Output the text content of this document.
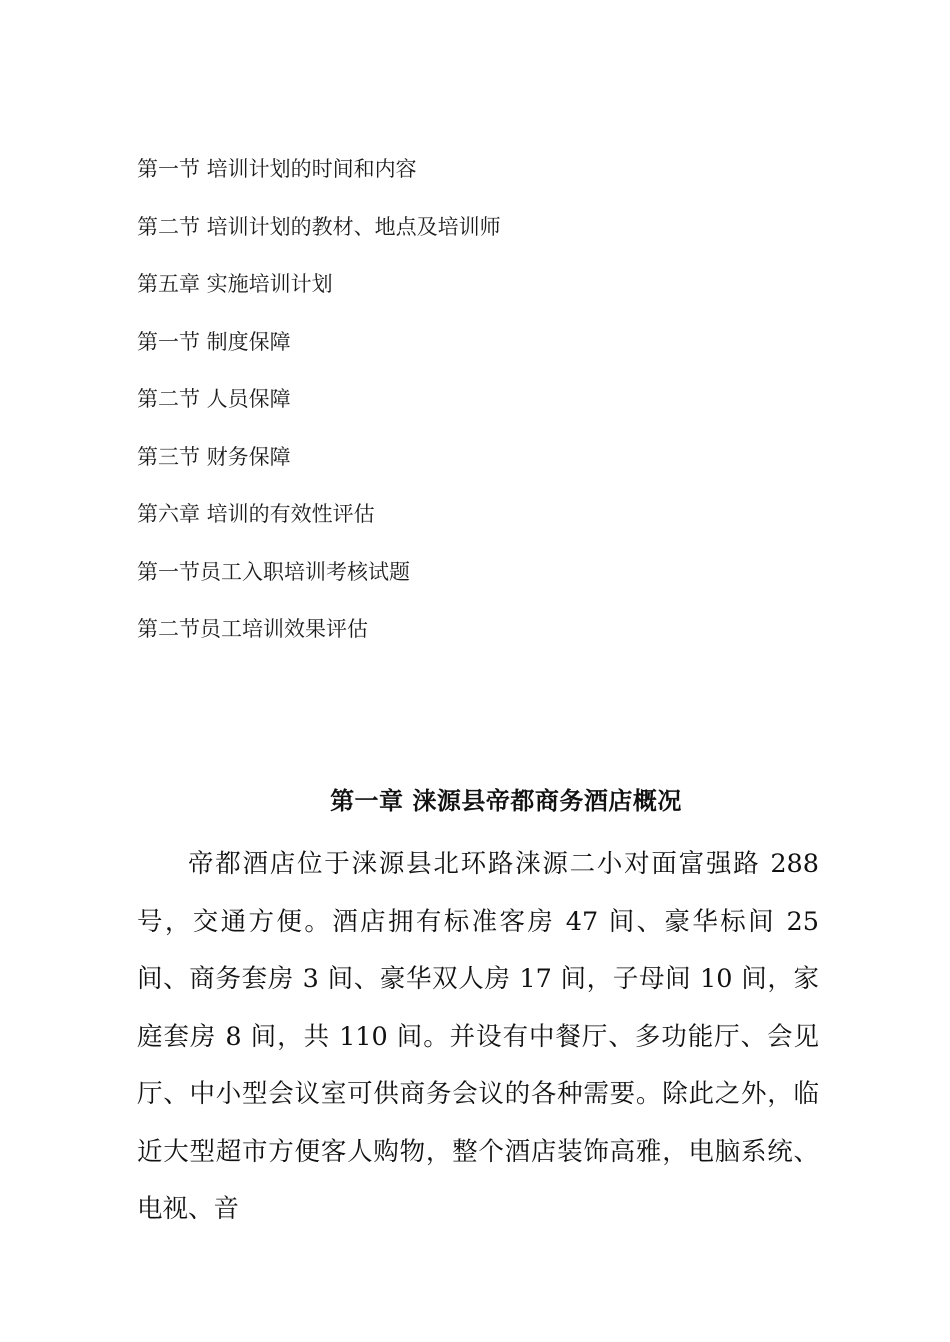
第一节 培训计划的时间和内容
第二节 培训计划的教材、地点及培训师
第五章 实施培训计划
第一节 制度保障
第二节 人员保障
第三节 财务保障
第六章 培训的有效性评估
第一节员工入职培训考核试题
第二节员工培训效果评估
第一章 涞源县帝都商务酒店概况

帝都酒店位于涞源县北环路涞源二小对面富强路 288 号，交通方便。酒店拥有标准客房 47 间、豪华标间 25 间、商务套房 3 间、豪华双人房 17 间，子母间 10 间，家庭套房 8 间，共 110 间。并设有中餐厅、多功能厅、会见厅、中小型会议室可供商务会议的各种需要。除此之外，临近大型超市方便客人购物，整个酒店装饰高雅，电脑系统、电视、音
